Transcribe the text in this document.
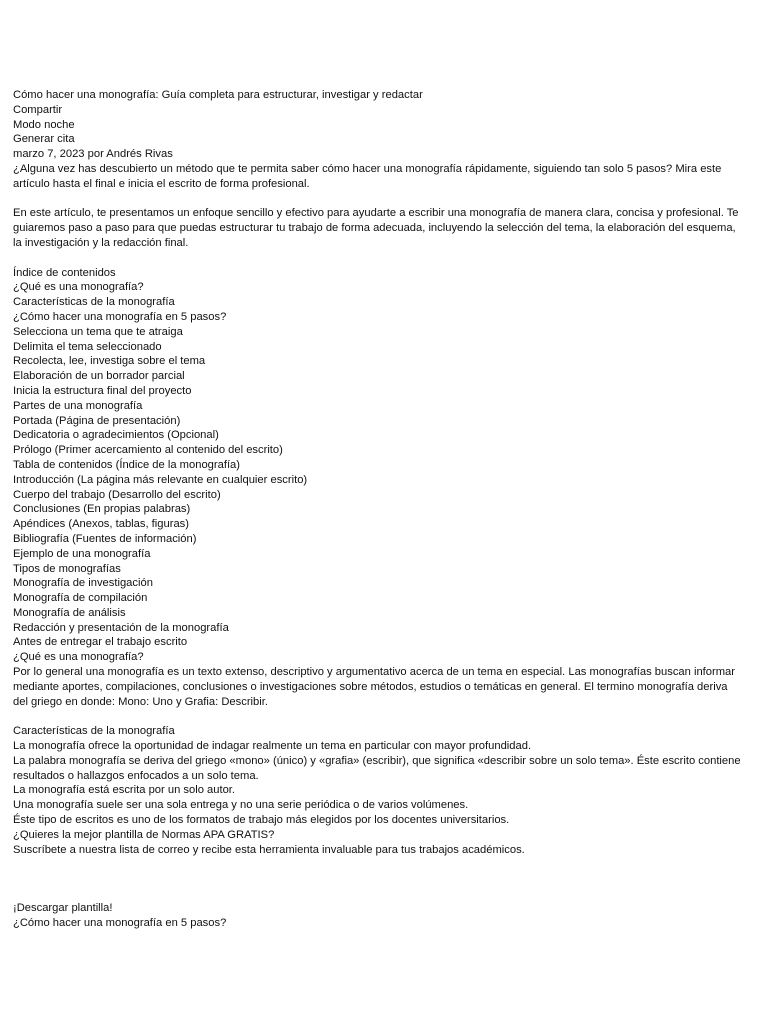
Cómo hacer una monografía: Guía completa para estructurar, investigar y redactar
Compartir
Modo noche
Generar cita
marzo 7, 2023 por Andrés Rivas
¿Alguna vez has descubierto un método que te permita saber cómo hacer una monografía rápidamente, siguiendo tan solo 5 pasos? Mira este artículo hasta el final e inicia el escrito de forma profesional.
En este artículo, te presentamos un enfoque sencillo y efectivo para ayudarte a escribir una monografía de manera clara, concisa y profesional. Te guiaremos paso a paso para que puedas estructurar tu trabajo de forma adecuada, incluyendo la selección del tema, la elaboración del esquema, la investigación y la redacción final.
Índice de contenidos
¿Qué es una monografía?
Características de la monografía
¿Cómo hacer una monografía en 5 pasos?
Selecciona un tema que te atraiga
Delimita el tema seleccionado
Recolecta, lee, investiga sobre el tema
Elaboración de un borrador parcial
Inicia la estructura final del proyecto
Partes de una monografía
Portada (Página de presentación)
Dedicatoria o agradecimientos (Opcional)
Prólogo (Primer acercamiento al contenido del escrito)
Tabla de contenidos (Índice de la monografía)
Introducción (La página más relevante en cualquier escrito)
Cuerpo del trabajo (Desarrollo del escrito)
Conclusiones (En propias palabras)
Apéndices (Anexos, tablas, figuras)
Bibliografía (Fuentes de información)
Ejemplo de una monografía
Tipos de monografías
Monografía de investigación
Monografía de compilación
Monografía de análisis
Redacción y presentación de la monografía
Antes de entregar el trabajo escrito
¿Qué es una monografía?
Por lo general una monografía es un texto extenso, descriptivo y argumentativo acerca de un tema en especial. Las monografías buscan informar mediante aportes, compilaciones, conclusiones o investigaciones sobre métodos, estudios o temáticas en general. El termino monografía deriva del griego en donde: Mono: Uno y Grafia: Describir.
Características de la monografía
La monografía ofrece la oportunidad de indagar realmente un tema en particular con mayor profundidad.
La palabra monografía se deriva del griego «mono» (único) y «grafia» (escribir), que significa «describir sobre un solo tema». Éste escrito contiene resultados o hallazgos enfocados a un solo tema.
La monografía está escrita por un solo autor.
Una monografía suele ser una sola entrega y no una serie periódica o de varios volúmenes.
Éste tipo de escritos es uno de los formatos de trabajo más elegidos por los docentes universitarios.
¿Quieres la mejor plantilla de Normas APA GRATIS?
Suscríbete a nuestra lista de correo y recibe esta herramienta invaluable para tus trabajos académicos.
¡Descargar plantilla!
¿Cómo hacer una monografía en 5 pasos?
